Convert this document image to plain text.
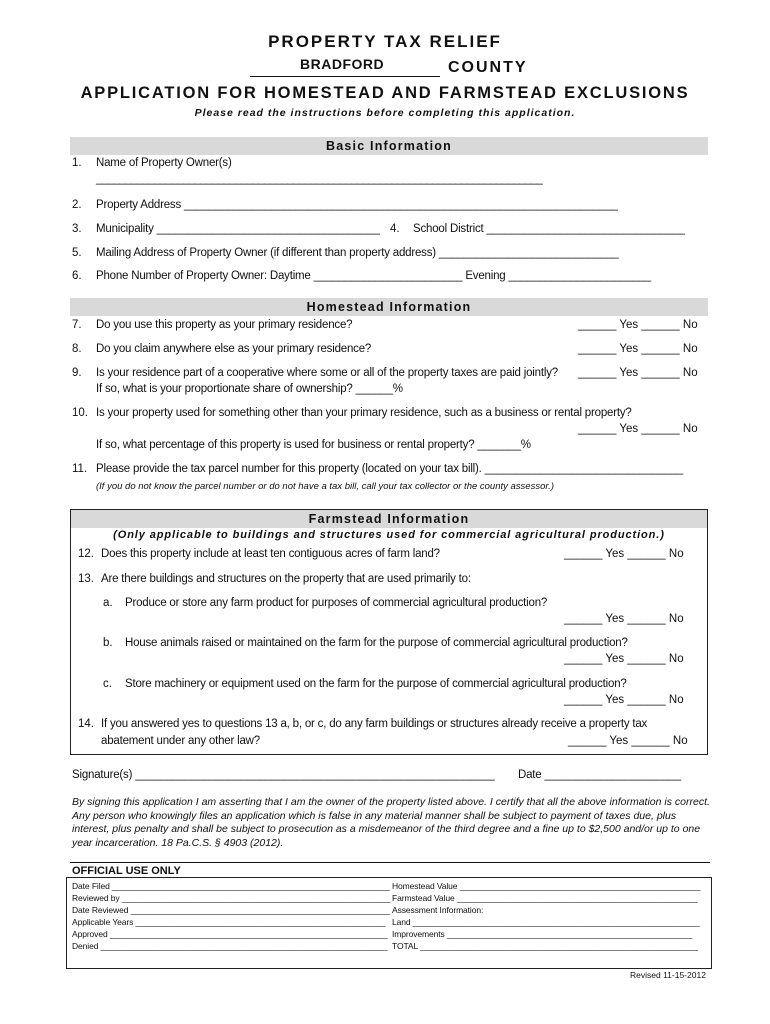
PROPERTY TAX RELIEF
BRADFORD	COUNTY
APPLICATION FOR HOMESTEAD AND FARMSTEAD EXCLUSIONS
Please read the instructions before completing this application.
Basic Information
1. Name of Property Owner(s)
_____________________________________________________________________________
2. Property Address ______________________________________________________________________
3. Municipality ____________________________________ 4. School District ________________________________
5. Mailing Address of Property Owner (if different than property address) _____________________________
6. Phone Number of Property Owner: Daytime ________________________ Evening _______________________
Homestead Information
7. Do you use this property as your primary residence?	______ Yes ______ No
8. Do you claim anywhere else as your primary residence?	______ Yes ______ No
9. Is your residence part of a cooperative where some or all of the property taxes are paid jointly? ______ Yes ______ No
If so, what is your proportionate share of ownership? ______%
10. Is your property used for something other than your primary residence, such as a business or rental property?
______ Yes ______ No
If so, what percentage of this property is used for business or rental property? _______%
11. Please provide the tax parcel number for this property (located on your tax bill). ________________________________
(If you do not know the parcel number or do not have a tax bill, call your tax collector or the county assessor.)
Farmstead Information
(Only applicable to buildings and structures used for commercial agricultural production.)
12. Does this property include at least ten contiguous acres of farm land?	______ Yes ______ No
13. Are there buildings and structures on the property that are used primarily to:
a. Produce or store any farm product for purposes of commercial agricultural production?
______ Yes ______ No
b. House animals raised or maintained on the farm for the purpose of commercial agricultural production?
______ Yes ______ No
c. Store machinery or equipment used on the farm for the purpose of commercial agricultural production?
______ Yes ______ No
14. If you answered yes to questions 13 a, b, or c, do any farm buildings or structures already receive a property tax
abatement under any other law?	______ Yes ______ No
Signature(s) __________________________________________________________ Date ______________________
By signing this application I am asserting that I am the owner of the property listed above. I certify that all the above information is correct. Any person who knowingly files an application which is false in any material manner shall be subject to payment of taxes due, plus interest, plus penalty and shall be subject to prosecution as a misdemeanor of the third degree and a fine up to $2,500 and/or up to one year incarceration. 18 Pa.C.S. § 4903 (2012).
OFFICIAL USE ONLY
Date Filed ____________________________________________________________
Reviewed by __________________________________________________________
Date Reviewed ________________________________________________________
Applicable Years ______________________________________________________
Approved ____________________________________________________________
Denied ______________________________________________________________
Homestead Value ____________________________________________________
Farmstead Value ____________________________________________________
Assessment Information:
Land ______________________________________________________________
Improvements _____________________________________________________
TOTAL ____________________________________________________________
Revised 11-15-2012
